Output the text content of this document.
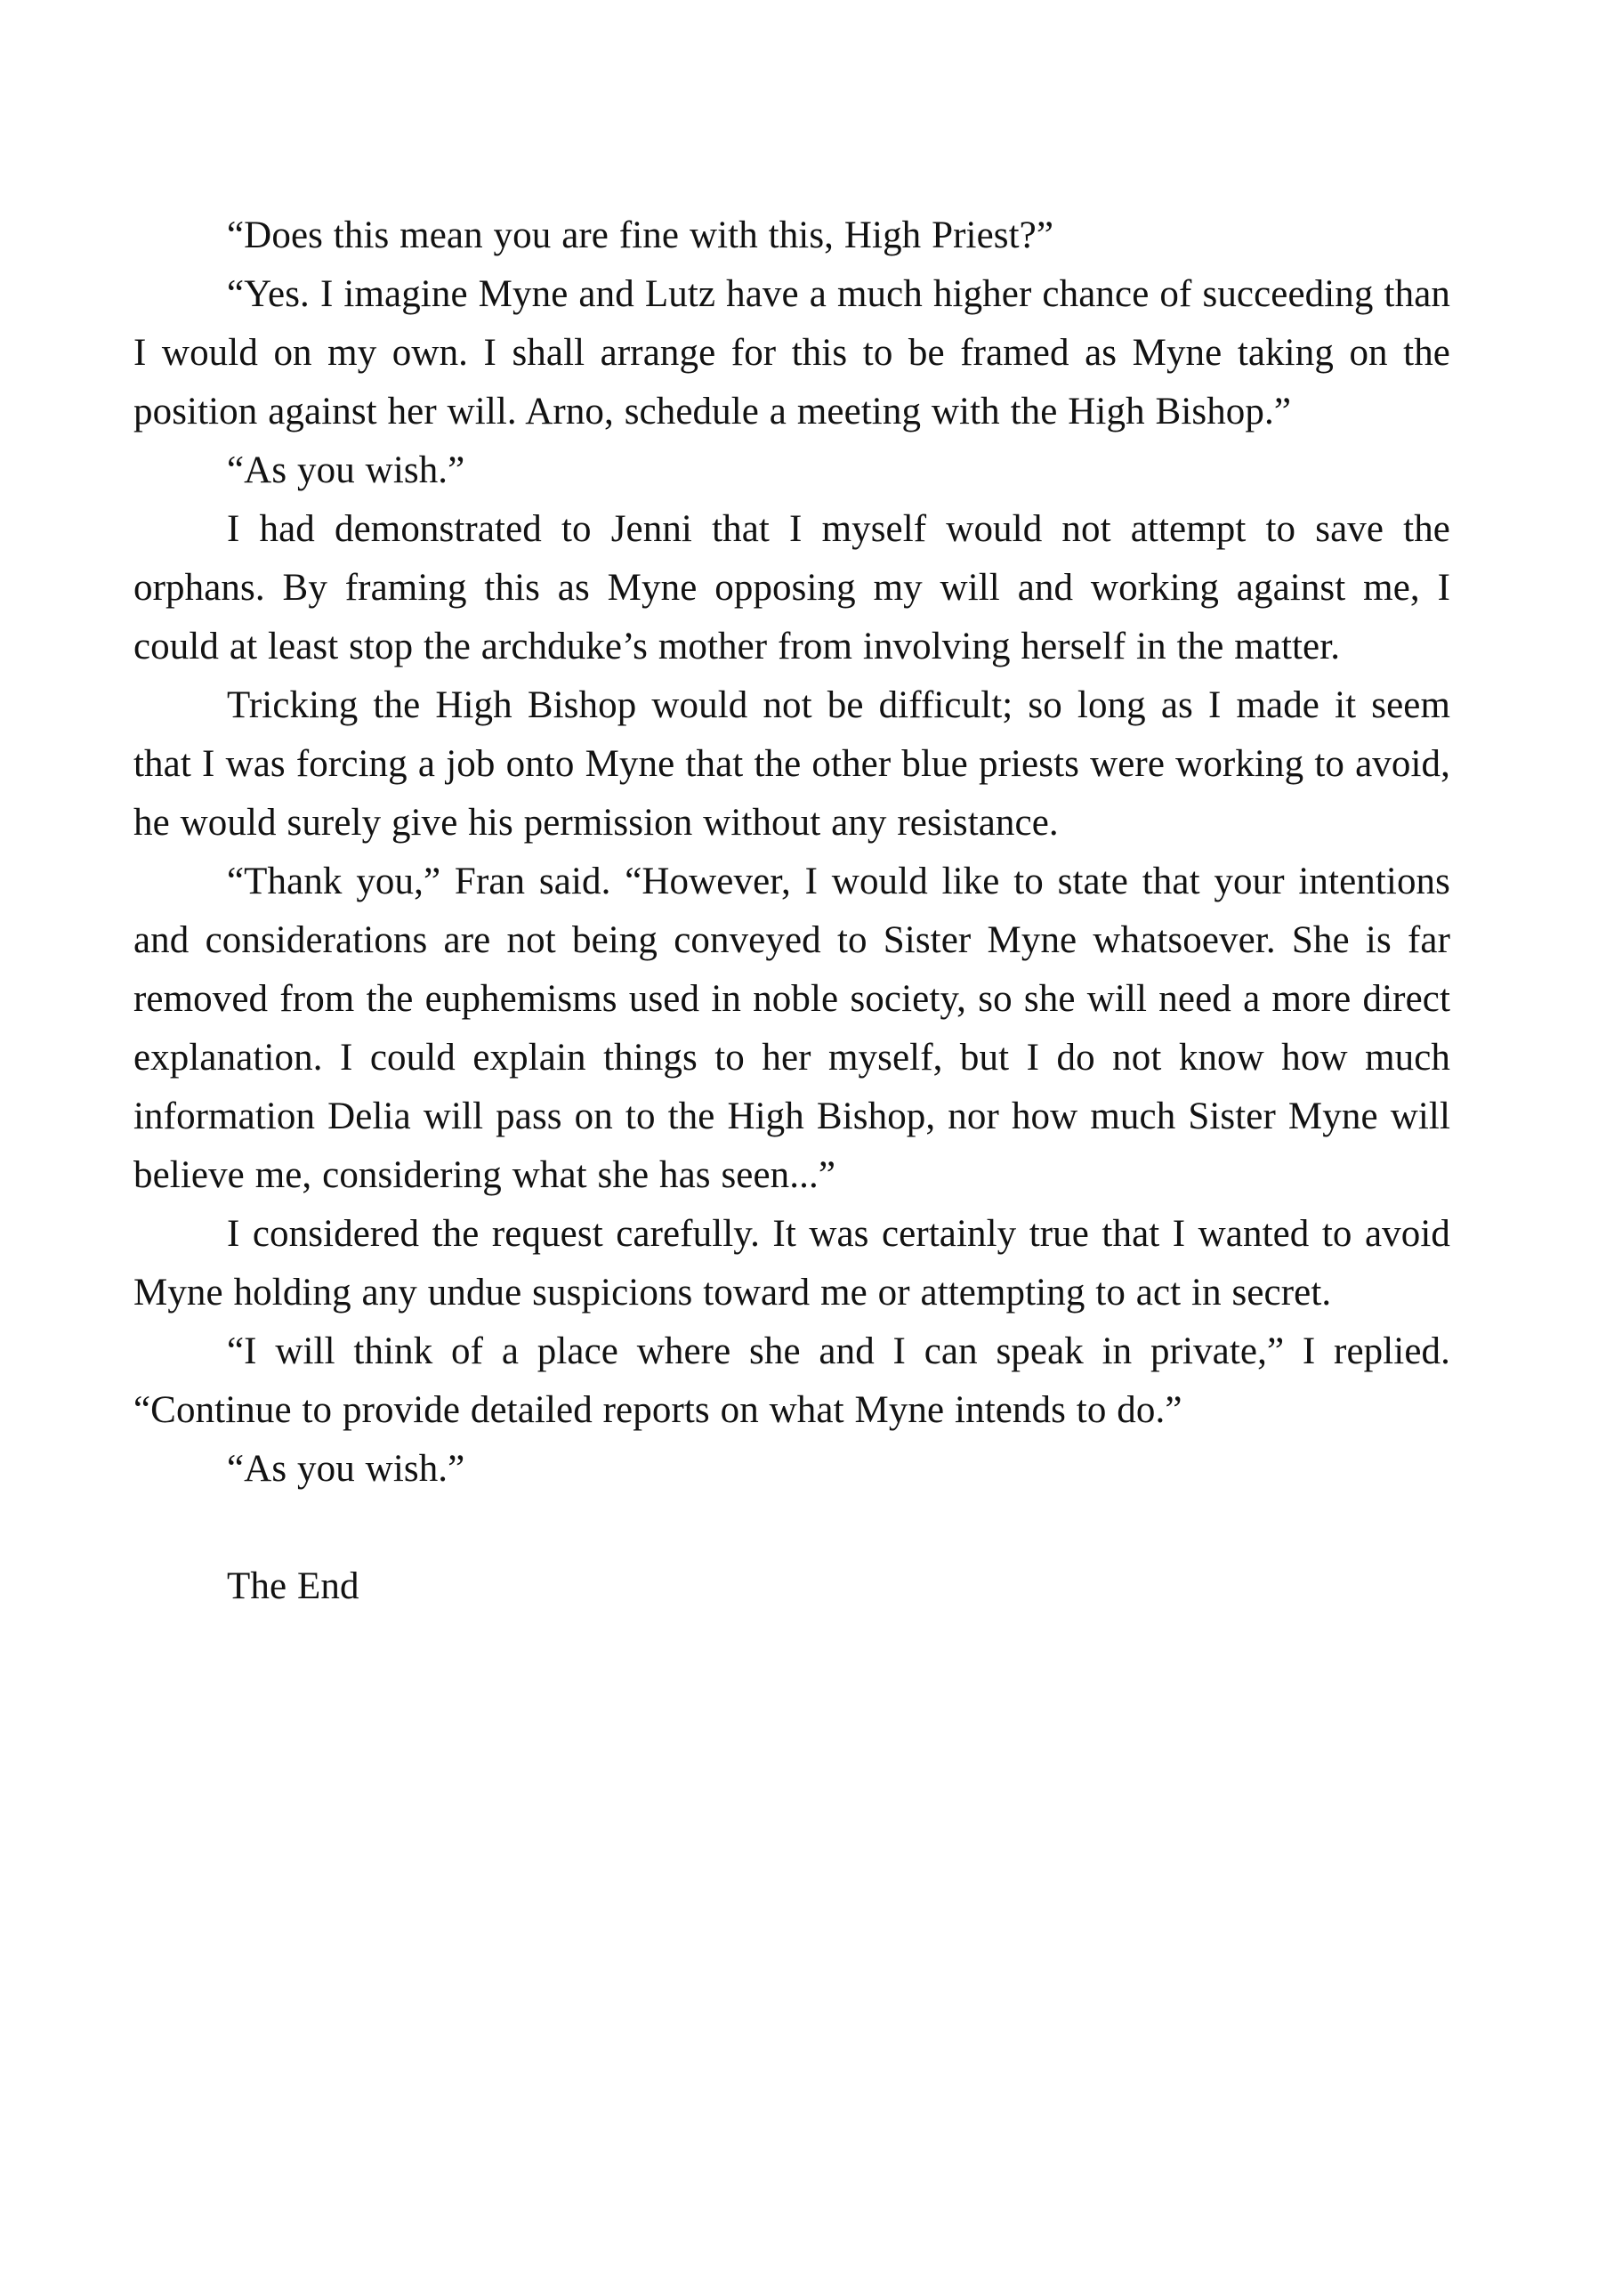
“Does this mean you are fine with this, High Priest?”

“Yes. I imagine Myne and Lutz have a much higher chance of succeeding than I would on my own. I shall arrange for this to be framed as Myne taking on the position against her will. Arno, schedule a meeting with the High Bishop.”

“As you wish.”

I had demonstrated to Jenni that I myself would not attempt to save the orphans. By framing this as Myne opposing my will and working against me, I could at least stop the archduke’s mother from involving herself in the matter.

Tricking the High Bishop would not be difficult; so long as I made it seem that I was forcing a job onto Myne that the other blue priests were working to avoid, he would surely give his permission without any resistance.

“Thank you,” Fran said. “However, I would like to state that your intentions and considerations are not being conveyed to Sister Myne whatsoever. She is far removed from the euphemisms used in noble society, so she will need a more direct explanation. I could explain things to her myself, but I do not know how much information Delia will pass on to the High Bishop, nor how much Sister Myne will believe me, considering what she has seen...”

I considered the request carefully. It was certainly true that I wanted to avoid Myne holding any undue suspicions toward me or attempting to act in secret.

“I will think of a place where she and I can speak in private,” I replied. “Continue to provide detailed reports on what Myne intends to do.”

“As you wish.”

The End
